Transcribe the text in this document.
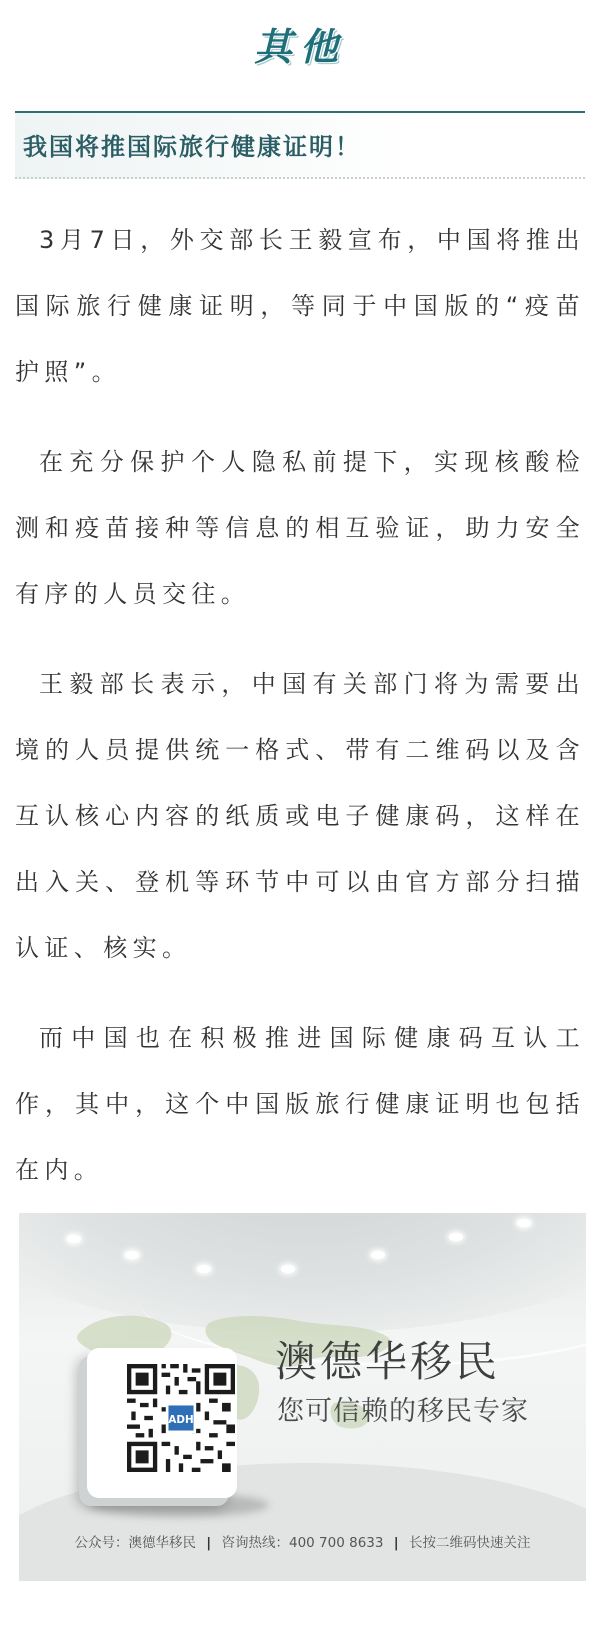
其他
我国将推国际旅行健康证明！

3月7日，外交部长王毅宣布，中国将推出国际旅行健康证明，等同于中国版的“疫苗护照”。

在充分保护个人隐私前提下，实现核酸检测和疫苗接种等信息的相互验证，助力安全有序的人员交往。

王毅部长表示，中国有关部门将为需要出境的人员提供统一格式、带有二维码以及含互认核心内容的纸质或电子健康码，这样在出入关、登机等环节中可以由官方部分扫描认证、核实。

而中国也在积极推进国际健康码互认工作，其中，这个中国版旅行健康证明也包括在内。

ADH
澳德华移民
您可信赖的移民专家
公众号：澳德华移民 | 咨询热线：400 700 8633 | 长按二维码快速关注
